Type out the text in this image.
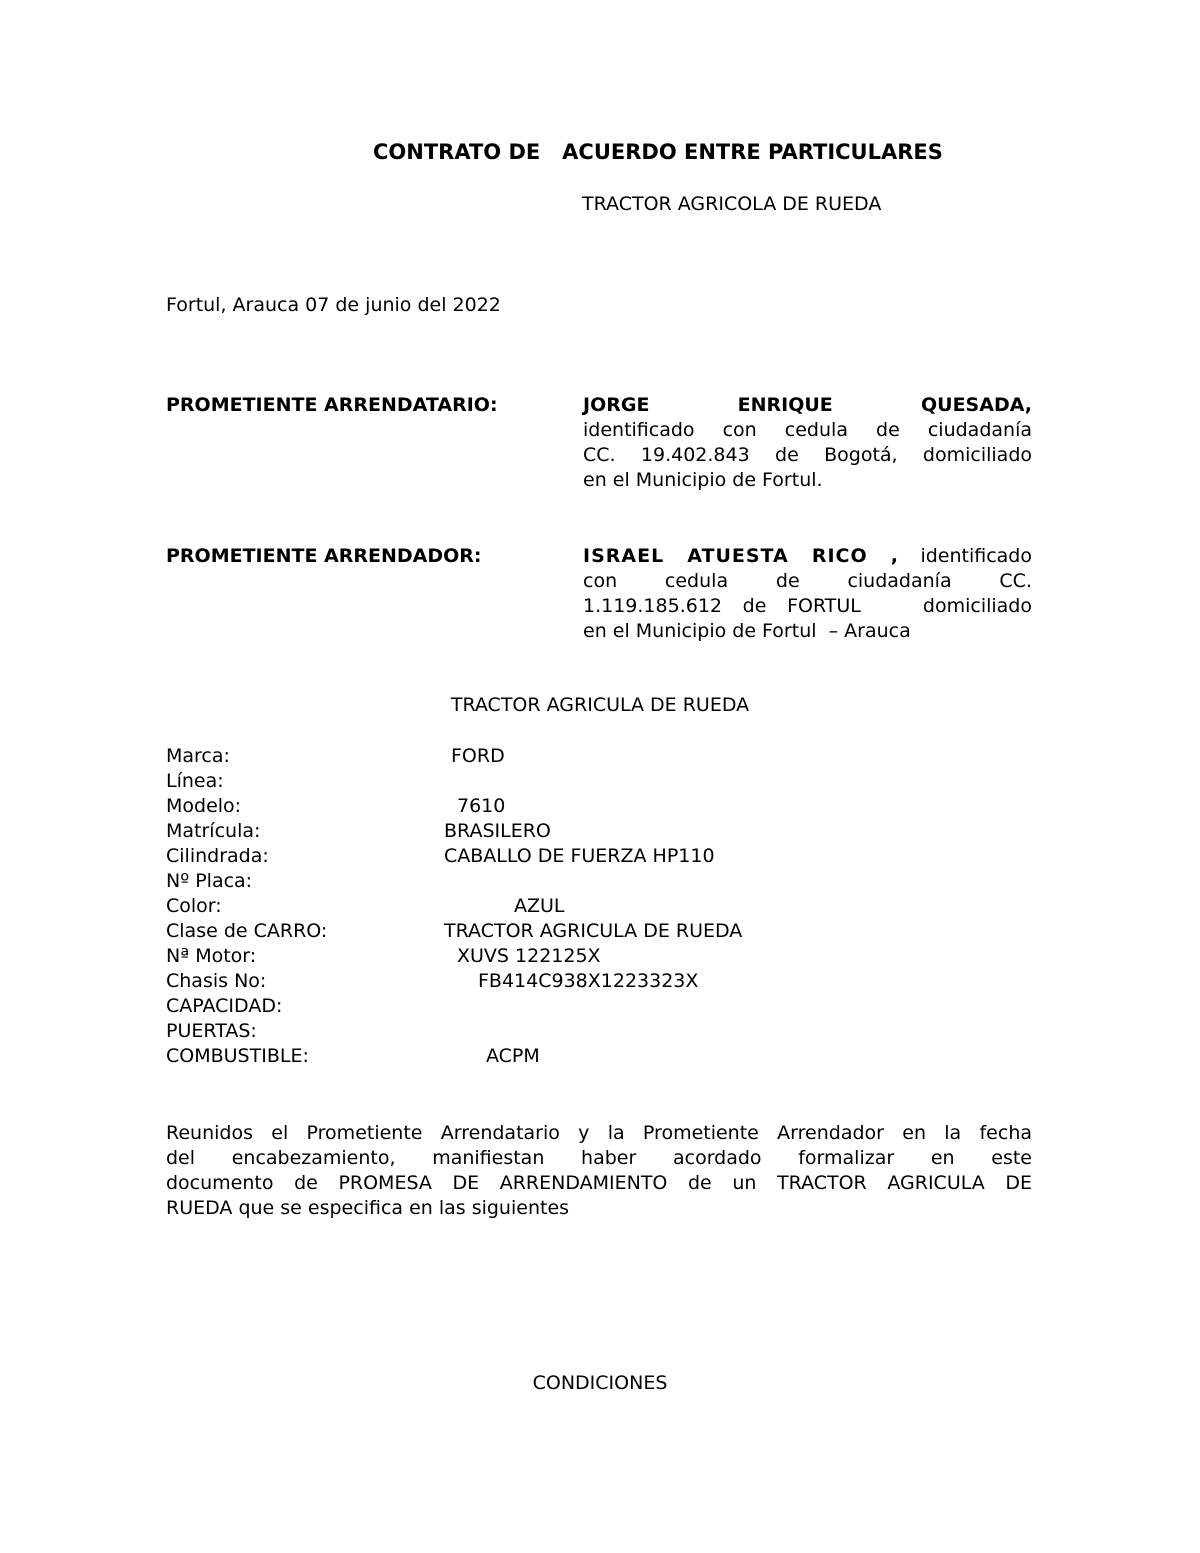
CONTRATO DE   ACUERDO ENTRE PARTICULARES
TRACTOR AGRICOLA DE RUEDA
Fortul, Arauca 07 de junio del 2022
PROMETIENTE ARRENDATARIO:	JORGE ENRIQUE QUESADA,
identificado con cedula de ciudadanía
CC. 19.402.843 de Bogotá, domiciliado
en el Municipio de Fortul.
PROMETIENTE ARRENDADOR:	ISRAEL ATUESTA RICO , identificado
con cedula de ciudadanía CC.
1.119.185.612 de FORTUL   domiciliado
en el Municipio de Fortul  – Arauca
TRACTOR AGRICULA DE RUEDA
Marca:	FORD
Línea:
Modelo:	7610
Matrícula:	BRASILERO
Cilindrada:	CABALLO DE FUERZA HP110
Nº Placa:
Color:	AZUL
Clase de CARRO:	TRACTOR AGRICULA DE RUEDA
Nª Motor:	XUVS 122125X
Chasis No:	FB414C938X1223323X
CAPACIDAD:
PUERTAS:
COMBUSTIBLE:	ACPM
Reunidos el Prometiente Arrendatario y la Prometiente Arrendador en la fecha
del encabezamiento, manifiestan haber acordado formalizar en este
documento de PROMESA DE ARRENDAMIENTO de un TRACTOR AGRICULA DE
RUEDA que se especifica en las siguientes
CONDICIONES
